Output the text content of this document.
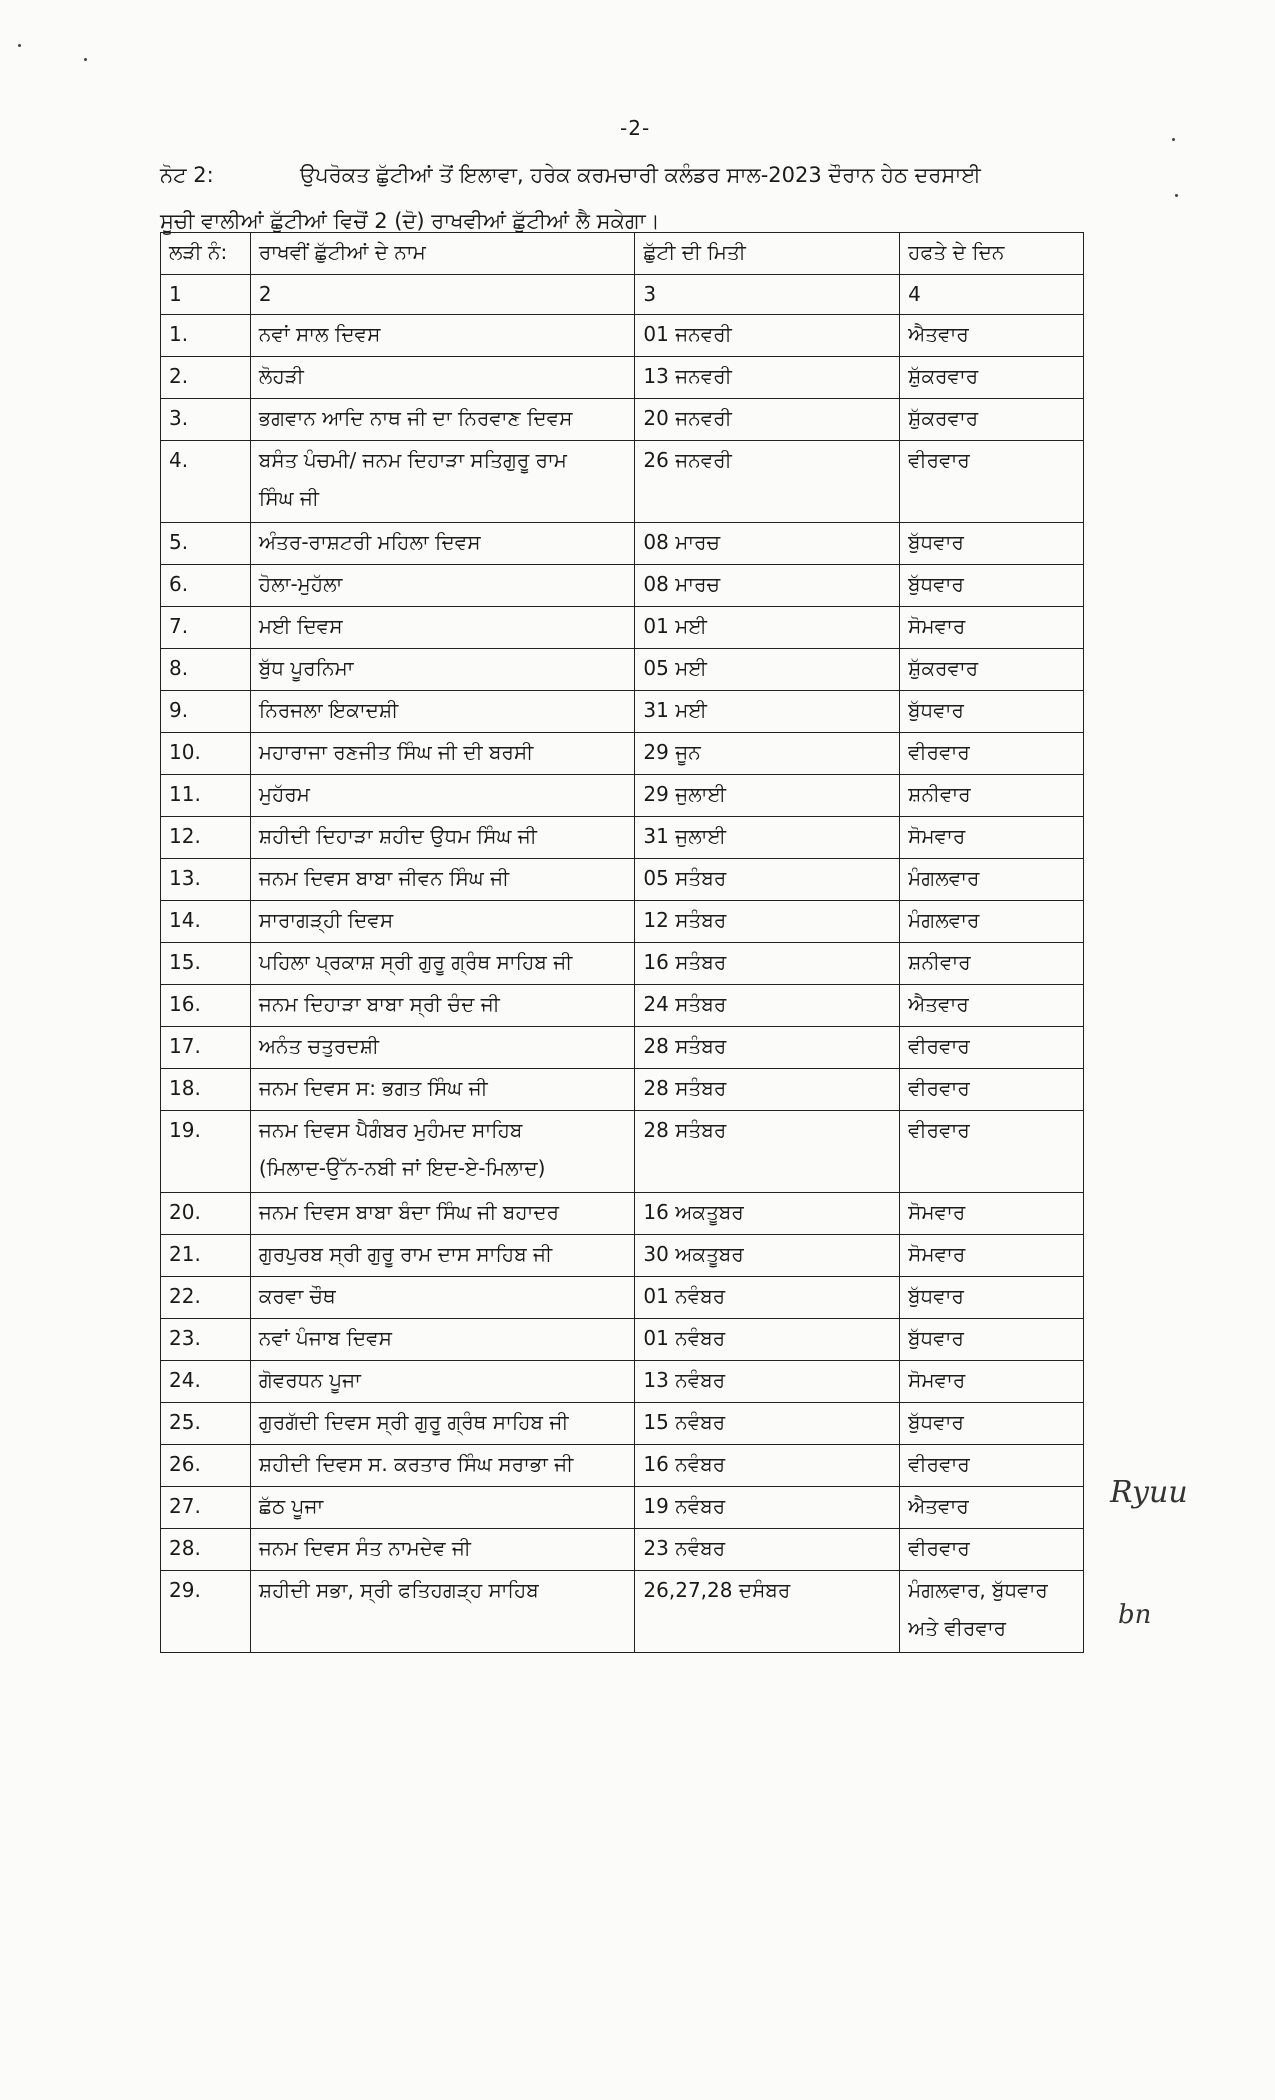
-2-
ਨੋਟ 2:	ਉਪਰੋਕਤ ਛੁੱਟੀਆਂ ਤੋਂ ਇਲਾਵਾ, ਹਰੇਕ ਕਰਮਚਾਰੀ ਕਲੰਡਰ ਸਾਲ-2023 ਦੌਰਾਨ ਹੇਠ ਦਰਸਾਈ
ਸੂਚੀ ਵਾਲੀਆਂ ਛੁੱਟੀਆਂ ਵਿਚੋਂ 2 (ਦੋ) ਰਾਖਵੀਆਂ ਛੁੱਟੀਆਂ ਲੈ ਸਕੇਗਾ।
ਲੜੀ ਨੰ:	ਰਾਖਵੀਂ ਛੁੱਟੀਆਂ ਦੇ ਨਾਮ	ਛੁੱਟੀ ਦੀ ਮਿਤੀ	ਹਫਤੇ ਦੇ ਦਿਨ
1	2	3	4
1.	ਨਵਾਂ ਸਾਲ ਦਿਵਸ	01 ਜਨਵਰੀ	ਐਤਵਾਰ

2.	ਲੋਹੜੀ	13 ਜਨਵਰੀ	ਸ਼ੁੱਕਰਵਾਰ

3.	ਭਗਵਾਨ ਆਦਿ ਨਾਥ ਜੀ ਦਾ ਨਿਰਵਾਣ ਦਿਵਸ	20 ਜਨਵਰੀ	ਸ਼ੁੱਕਰਵਾਰ

4.	ਬਸੰਤ ਪੰਚਮੀ/ ਜਨਮ ਦਿਹਾੜਾ ਸਤਿਗੁਰੂ ਰਾਮ
ਸਿੰਘ ਜੀ	26 ਜਨਵਰੀ	ਵੀਰਵਾਰ

5.	ਅੰਤਰ-ਰਾਸ਼ਟਰੀ ਮਹਿਲਾ ਦਿਵਸ	08 ਮਾਰਚ	ਬੁੱਧਵਾਰ

6.	ਹੋਲਾ-ਮੁਹੱਲਾ	08 ਮਾਰਚ	ਬੁੱਧਵਾਰ

7.	ਮਈ ਦਿਵਸ	01 ਮਈ	ਸੋਮਵਾਰ

8.	ਬੁੱਧ ਪੂਰਨਿਮਾ	05 ਮਈ	ਸ਼ੁੱਕਰਵਾਰ

9.	ਨਿਰਜਲਾ ਇਕਾਦਸ਼ੀ	31 ਮਈ	ਬੁੱਧਵਾਰ

10.	ਮਹਾਰਾਜਾ ਰਣਜੀਤ ਸਿੰਘ ਜੀ ਦੀ ਬਰਸੀ	29 ਜੂਨ	ਵੀਰਵਾਰ

11.	ਮੁਹੱਰਮ	29 ਜੁਲਾਈ	ਸ਼ਨੀਵਾਰ

12.	ਸ਼ਹੀਦੀ ਦਿਹਾੜਾ ਸ਼ਹੀਦ ਉਧਮ ਸਿੰਘ ਜੀ	31 ਜੁਲਾਈ	ਸੋਮਵਾਰ

13.	ਜਨਮ ਦਿਵਸ ਬਾਬਾ ਜੀਵਨ ਸਿੰਘ ਜੀ	05 ਸਤੰਬਰ	ਮੰਗਲਵਾਰ

14.	ਸਾਰਾਗੜ੍ਹੀ ਦਿਵਸ	12 ਸਤੰਬਰ	ਮੰਗਲਵਾਰ

15.	ਪਹਿਲਾ ਪ੍ਰਕਾਸ਼ ਸ੍ਰੀ ਗੁਰੂ ਗ੍ਰੰਥ ਸਾਹਿਬ ਜੀ	16 ਸਤੰਬਰ	ਸ਼ਨੀਵਾਰ

16.	ਜਨਮ ਦਿਹਾੜਾ ਬਾਬਾ ਸ੍ਰੀ ਚੰਦ ਜੀ	24 ਸਤੰਬਰ	ਐਤਵਾਰ

17.	ਅਨੰਤ ਚਤੁਰਦਸ਼ੀ	28 ਸਤੰਬਰ	ਵੀਰਵਾਰ

18.	ਜਨਮ ਦਿਵਸ ਸ: ਭਗਤ ਸਿੰਘ ਜੀ	28 ਸਤੰਬਰ	ਵੀਰਵਾਰ

19.	ਜਨਮ ਦਿਵਸ ਪੈਗੰਬਰ ਮੁਹੰਮਦ ਸਾਹਿਬ
(ਮਿਲਾਦ-ਉੱਨ-ਨਬੀ ਜਾਂ ਇਦ-ਏ-ਮਿਲਾਦ)	28 ਸਤੰਬਰ	ਵੀਰਵਾਰ

20.	ਜਨਮ ਦਿਵਸ ਬਾਬਾ ਬੰਦਾ ਸਿੰਘ ਜੀ ਬਹਾਦਰ	16 ਅਕਤੂਬਰ	ਸੋਮਵਾਰ

21.	ਗੁਰਪੁਰਬ ਸ੍ਰੀ ਗੁਰੂ ਰਾਮ ਦਾਸ ਸਾਹਿਬ ਜੀ	30 ਅਕਤੂਬਰ	ਸੋਮਵਾਰ

22.	ਕਰਵਾ ਚੌਥ	01 ਨਵੰਬਰ	ਬੁੱਧਵਾਰ

23.	ਨਵਾਂ ਪੰਜਾਬ ਦਿਵਸ	01 ਨਵੰਬਰ	ਬੁੱਧਵਾਰ

24.	ਗੋਵਰਧਨ ਪੂਜਾ	13 ਨਵੰਬਰ	ਸੋਮਵਾਰ

25.	ਗੁਰਗੱਦੀ ਦਿਵਸ ਸ੍ਰੀ ਗੁਰੂ ਗ੍ਰੰਥ ਸਾਹਿਬ ਜੀ	15 ਨਵੰਬਰ	ਬੁੱਧਵਾਰ

26.	ਸ਼ਹੀਦੀ ਦਿਵਸ ਸ. ਕਰਤਾਰ ਸਿੰਘ ਸਰਾਭਾ ਜੀ	16 ਨਵੰਬਰ	ਵੀਰਵਾਰ

27.	ਛੱਠ ਪੂਜਾ	19 ਨਵੰਬਰ	ਐਤਵਾਰ

28.	ਜਨਮ ਦਿਵਸ ਸੰਤ ਨਾਮਦੇਵ ਜੀ	23 ਨਵੰਬਰ	ਵੀਰਵਾਰ

29.	ਸ਼ਹੀਦੀ ਸਭਾ, ਸ੍ਰੀ ਫਤਿਹਗੜ੍ਹ ਸਾਹਿਬ	26,27,28 ਦਸੰਬਰ	ਮੰਗਲਵਾਰ, ਬੁੱਧਵਾਰ
ਅਤੇ ਵੀਰਵਾਰ
Ryuu
bn
